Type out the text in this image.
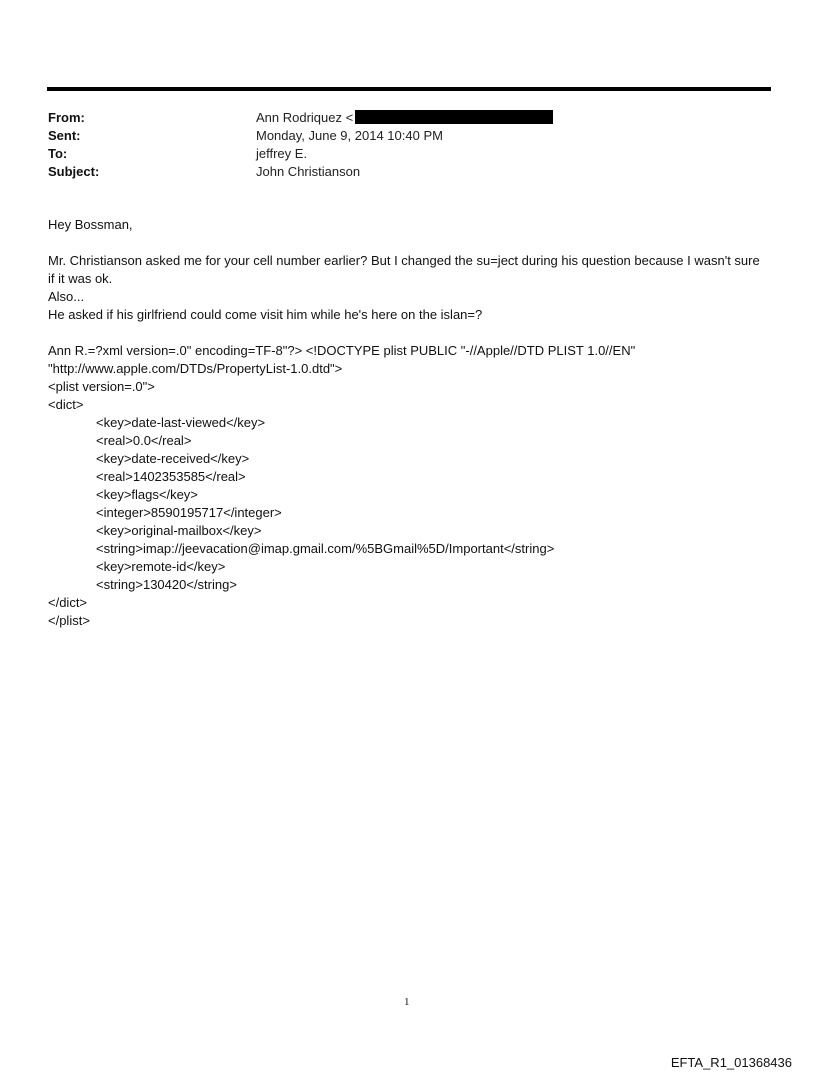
From:	Ann Rodriquez <
Sent:	Monday, June 9, 2014 10:40 PM
To:	jeffrey E.
Subject:	John Christianson

Hey Bossman,

Mr. Christianson asked me for your cell number earlier? But I changed the su=ject during his question because I wasn't sure if it was ok.

Also...

He asked if his girlfriend could come visit him while he's here on the islan=?

Ann R.=?xml version=.0" encoding=TF-8"?> <!DOCTYPE plist PUBLIC "-//Apple//DTD PLIST 1.0//EN"

"http://www.apple.com/DTDs/PropertyList-1.0.dtd">

<plist version=.0">

<dict>

<key>date-last-viewed</key>

<real>0.0</real>

<key>date-received</key>

<real>1402353585</real>

<key>flags</key>

<integer>8590195717</integer>

<key>original-mailbox</key>

<string>imap://jeevacation@imap.gmail.com/%5BGmail%5D/Important</string>

<key>remote-id</key>

<string>130420</string>

</dict>

</plist>

1
EFTA_R1_01368436
